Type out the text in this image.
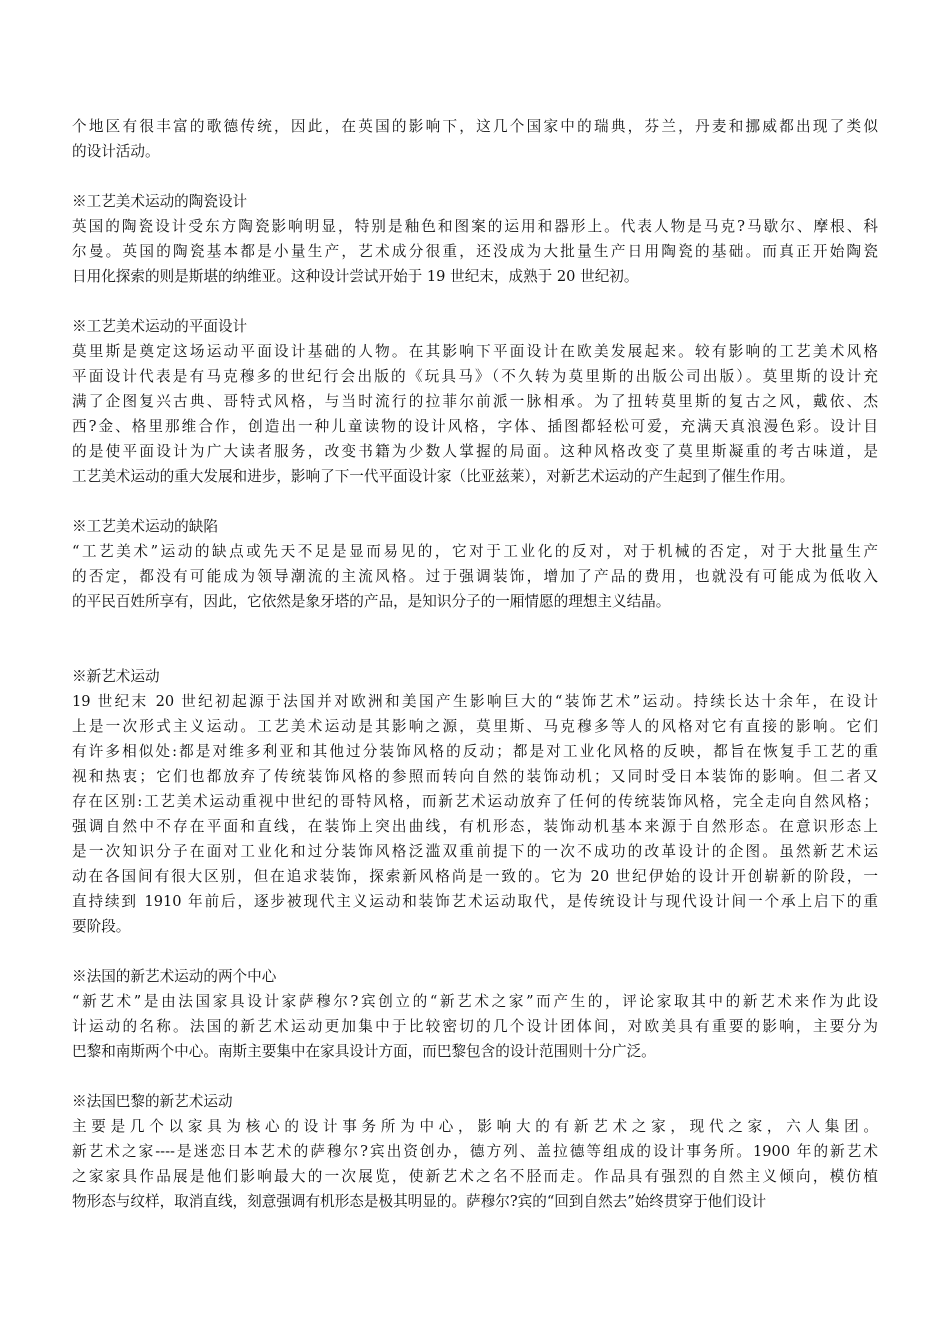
个地区有很丰富的歌德传统，因此，在英国的影响下，这几个国家中的瑞典，芬兰，丹麦和挪威都出现了类似
的设计活动。
※工艺美术运动的陶瓷设计
英国的陶瓷设计受东方陶瓷影响明显，特别是釉色和图案的运用和器形上。代表人物是马克?马歇尔、摩根、科
尔曼。英国的陶瓷基本都是小量生产，艺术成分很重，还没成为大批量生产日用陶瓷的基础。而真正开始陶瓷
日用化探索的则是斯堪的纳维亚。这种设计尝试开始于 19 世纪末，成熟于 20 世纪初。
※工艺美术运动的平面设计
莫里斯是奠定这场运动平面设计基础的人物。在其影响下平面设计在欧美发展起来。较有影响的工艺美术风格
平面设计代表是有马克穆多的世纪行会出版的《玩具马》（不久转为莫里斯的出版公司出版）。莫里斯的设计充
满了企图复兴古典、哥特式风格，与当时流行的拉菲尔前派一脉相承。为了扭转莫里斯的复古之风，戴依、杰
西?金、格里那维合作，创造出一种儿童读物的设计风格，字体、插图都轻松可爱，充满天真浪漫色彩。设计目
的是使平面设计为广大读者服务，改变书籍为少数人掌握的局面。这种风格改变了莫里斯凝重的考古味道，是
工艺美术运动的重大发展和进步，影响了下一代平面设计家（比亚兹莱），对新艺术运动的产生起到了催生作用。
※工艺美术运动的缺陷
“工艺美术”运动的缺点或先天不足是显而易见的，它对于工业化的反对，对于机械的否定，对于大批量生产
的否定，都没有可能成为领导潮流的主流风格。过于强调装饰，增加了产品的费用，也就没有可能成为低收入
的平民百姓所享有，因此，它依然是象牙塔的产品，是知识分子的一厢情愿的理想主义结晶。
※新艺术运动
19 世纪末 20 世纪初起源于法国并对欧洲和美国产生影响巨大的“装饰艺术”运动。持续长达十余年，在设计
上是一次形式主义运动。工艺美术运动是其影响之源，莫里斯、马克穆多等人的风格对它有直接的影响。它们
有许多相似处:都是对维多利亚和其他过分装饰风格的反动；都是对工业化风格的反映，都旨在恢复手工艺的重
视和热衷；它们也都放弃了传统装饰风格的参照而转向自然的装饰动机；又同时受日本装饰的影响。但二者又
存在区别:工艺美术运动重视中世纪的哥特风格，而新艺术运动放弃了任何的传统装饰风格，完全走向自然风格；
强调自然中不存在平面和直线，在装饰上突出曲线，有机形态，装饰动机基本来源于自然形态。在意识形态上
是一次知识分子在面对工业化和过分装饰风格泛滥双重前提下的一次不成功的改革设计的企图。虽然新艺术运
动在各国间有很大区别，但在追求装饰，探索新风格尚是一致的。它为 20 世纪伊始的设计开创崭新的阶段，一
直持续到 1910 年前后，逐步被现代主义运动和装饰艺术运动取代，是传统设计与现代设计间一个承上启下的重
要阶段。
※法国的新艺术运动的两个中心
“新艺术”是由法国家具设计家萨穆尔?宾创立的“新艺术之家”而产生的，评论家取其中的新艺术来作为此设
计运动的名称。法国的新艺术运动更加集中于比较密切的几个设计团体间，对欧美具有重要的影响，主要分为
巴黎和南斯两个中心。南斯主要集中在家具设计方面，而巴黎包含的设计范围则十分广泛。
※法国巴黎的新艺术运动
主要是几个以家具为核心的设计事务所为中心，影响大的有新艺术之家，现代之家，六人集团。
新艺术之家----是迷恋日本艺术的萨穆尔?宾出资创办，德方列、盖拉德等组成的设计事务所。1900 年的新艺术
之家家具作品展是他们影响最大的一次展览，使新艺术之名不胫而走。作品具有强烈的自然主义倾向，模仿植
物形态与纹样，取消直线，刻意强调有机形态是极其明显的。萨穆尔?宾的“回到自然去”始终贯穿于他们设计
